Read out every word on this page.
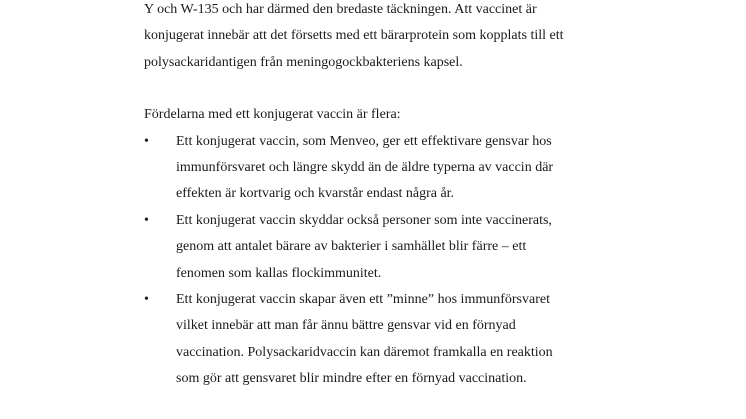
Y och W-135 och har därmed den bredaste täckningen. Att vaccinet är
konjugerat innebär att det försetts med ett bärarprotein som kopplats till ett
polysackaridantigen från meningogockbakteriens kapsel.
Fördelarna med ett konjugerat vaccin är flera:
•	Ett konjugerat vaccin, som Menveo, ger ett effektivare gensvar hos
immunförsvaret och längre skydd än de äldre typerna av vaccin där
effekten är kortvarig och kvarstår endast några år.
•	Ett konjugerat vaccin skyddar också personer som inte vaccinerats,
genom att antalet bärare av bakterier i samhället blir färre – ett
fenomen som kallas flockimmunitet.
•	Ett konjugerat vaccin skapar även ett ”minne” hos immunförsvaret
vilket innebär att man får ännu bättre gensvar vid en förnyad
vaccination. Polysackaridvaccin kan däremot framkalla en reaktion
som gör att gensvaret blir mindre efter en förnyad vaccination.
